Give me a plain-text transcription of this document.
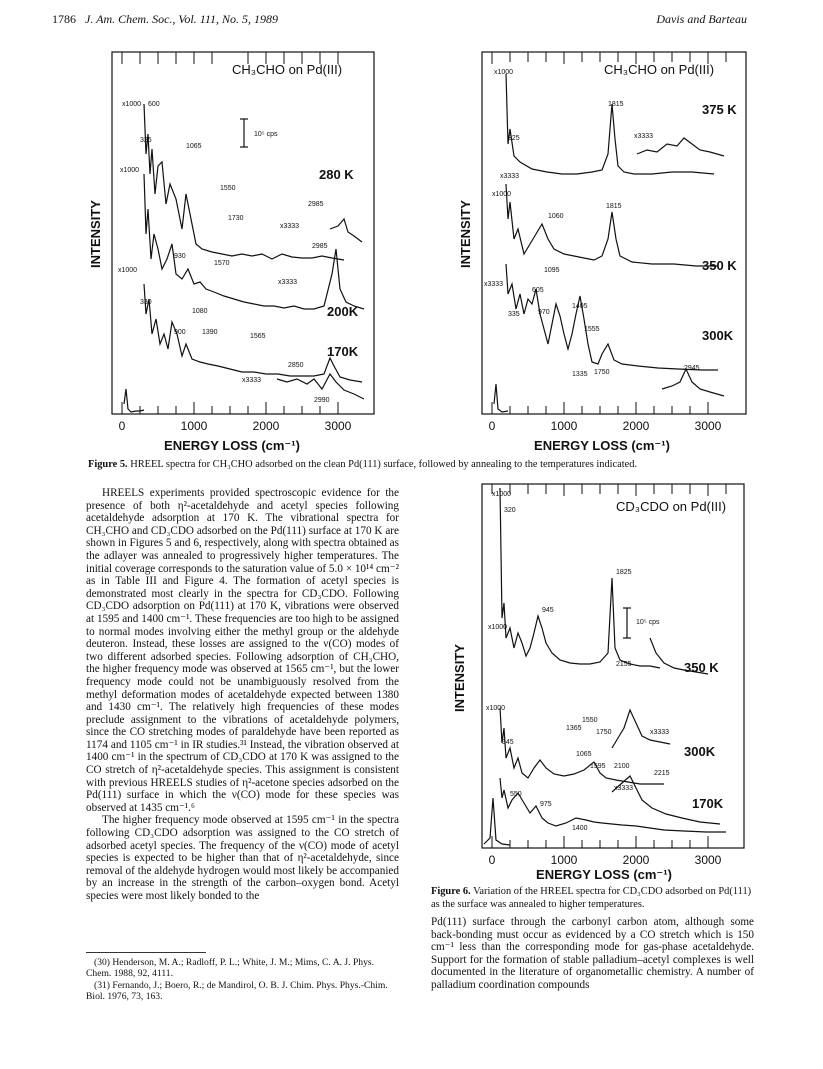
1786 J. Am. Chem. Soc., Vol. 111, No. 5, 1989	Davis and Barteau
CH₃CHO on Pd(III)
10⁵ cps
280 K
200K
170K
x1000 600
325
1065
x1000
1550
2985
1730
x3333
930
2985
1570
x1000
x3333
330
1080
900 1390
1565
2850
x3333
2990
0	1000	2000	3000
ENERGY LOSS (cm⁻¹)
INTENSITY
CH₃CHO on Pd(III)
375 K
350 K
300K
x1000
1815
325	x3333
x3333
x1000
1060
1815
1095
x3333
605
1405
335	970
1555
2945
1335 1750
0	1000	2000	3000
ENERGY LOSS (cm⁻¹)
INTENSITY
Figure 5. HREEL spectra for CH₃CHO adsorbed on the clean Pd(111) surface, followed by annealing to the temperatures indicated.
CD₃CDO on Pd(III)
10⁵ cps
350 K
300K
170K
x1000
320
1825
945
x1000
2155
x1000
1550
1365
1750	x3333
345
1065
1595 2100
2215
550
975
x3333
1400
0	1000	2000	3000
ENERGY LOSS (cm⁻¹)
INTENSITY
Figure 6. Variation of the HREEL spectra for CD₃CDO adsorbed on Pd(111) as the surface was annealed to higher temperatures.

HREELS experiments provided spectroscopic evidence for the presence of both η²-acetaldehyde and acetyl species following acetaldehyde adsorption at 170 K. The vibrational spectra for CH₃CHO and CD₃CDO adsorbed on the Pd(111) surface at 170 K are shown in Figures 5 and 6, respectively, along with spectra obtained as the adlayer was annealed to progressively higher temperatures. The initial coverage corresponds to the saturation value of 5.0 × 10¹⁴ cm⁻² as in Table III and Figure 4. The formation of acetyl species is demonstrated most clearly in the spectra for CD₃CDO. Following CD₃CDO adsorption on Pd(111) at 170 K, vibrations were observed at 1595 and 1400 cm⁻¹. These frequencies are too high to be assigned to normal modes involving either the methyl group or the aldehyde deuteron. Instead, these losses are assigned to the ν(CO) modes of two different adsorbed species. Following adsorption of CH₃CHO, the higher frequency mode was observed at 1565 cm⁻¹, but the lower frequency mode could not be unambiguously resolved from the methyl deformation modes of acetaldehyde expected between 1380 and 1430 cm⁻¹. The relatively high frequencies of these modes preclude assignment to the vibrations of acetaldehyde polymers, since the CO stretching modes of paraldehyde have been reported as 1174 and 1105 cm⁻¹ in IR studies.³¹ Instead, the vibration observed at 1400 cm⁻¹ in the spectrum of CD₃CDO at 170 K was assigned to the CO stretch of η²-acetaldehyde species. This assignment is consistent with previous HREELS studies of η²-acetone species adsorbed on the Pd(111) surface in which the ν(CO) mode for these species was observed at 1435 cm⁻¹.⁶

The higher frequency mode observed at 1595 cm⁻¹ in the spectra following CD₃CDO adsorption was assigned to the CO stretch of adsorbed acetyl species. The frequency of the ν(CO) mode of acetyl species is expected to be higher than that of η²-acetaldehyde, since removal of the aldehyde hydrogen would most likely be accompanied by an increase in the strength of the carbon–oxygen bond. Acetyl species were most likely bonded to the

Pd(111) surface through the carbonyl carbon atom, although some back-bonding must occur as evidenced by a CO stretch which is 150 cm⁻¹ less than the corresponding mode for gas-phase acetaldehyde. Support for the formation of stable palladium–acetyl complexes is well documented in the literature of organometallic chemistry. A number of palladium coordination compounds

(30) Henderson, M. A.; Radloff, P. L.; White, J. M.; Mims, C. A. J. Phys. Chem. 1988, 92, 4111.

(31) Fernando, J.; Boero, R.; de Mandirol, O. B. J. Chim. Phys. Phys.-Chim. Biol. 1976, 73, 163.
